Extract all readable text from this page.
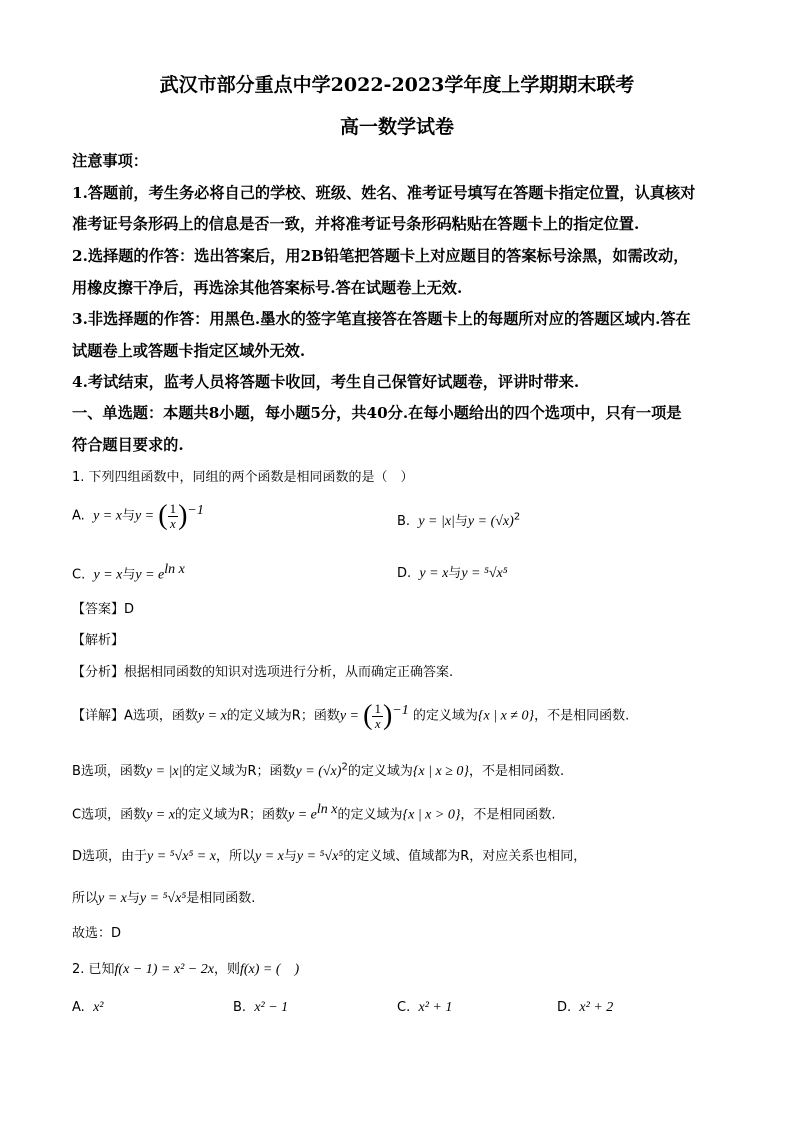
武汉市部分重点中学2022-2023学年度上学期期末联考
高一数学试卷
注意事项：
1.答题前，考生务必将自己的学校、班级、姓名、准考证号填写在答题卡指定位置，认真核对
准考证号条形码上的信息是否一致，并将准考证号条形码粘贴在答题卡上的指定位置.
2.选择题的作答：选出答案后，用2B铅笔把答题卡上对应题目的答案标号涂黑，如需改动，
用橡皮擦干净后，再选涂其他答案标号.答在试题卷上无效.
3.非选择题的作答：用黑色.墨水的签字笔直接答在答题卡上的每题所对应的答题区域内.答在
试题卷上或答题卡指定区域外无效.
4.考试结束，监考人员将答题卡收回，考生自己保管好试题卷，评讲时带来.
一、单选题：本题共8小题，每小题5分，共40分.在每小题给出的四个选项中，只有一项是
符合题目要求的.
1. 下列四组函数中，同组的两个函数是相同函数的是（　）
A. y = x与y = ( $\frac{1}{x} )^{-1}$
B. y = |x|与$y = (√x)^2$
C. y = x与$y = e^{ln x}$	D. y = x与y = ⁵√x⁵
【答案】D
【解析】
【分析】根据相同函数的知识对选项进行分析，从而确定正确答案.
【详解】A选项，函数y = x的定义域为R；函数y = ( $\frac{1}{x} )^{-1}$ 的定义域为{x | x ≠ 0}，不是相同函数.
B选项，函数y = |x|的定义域为R；函数$y = (√x)^2$的定义域为{x | x ≥ 0}，不是相同函数.
C选项，函数y = x的定义域为R；函数$y = e^{ln x}$的定义域为{x | x > 0}，不是相同函数.
D选项，由于y = ⁵√x⁵ = x，所以y = x与y = ⁵√x⁵的定义域、值域都为R，对应关系也相同，
所以y = x与y = ⁵√x⁵是相同函数.
故选：D
2. 已知f(x − 1) = x² − 2x，则f(x) = (　)
A. x²	B. x² − 1	C. x² + 1	D. x² + 2
